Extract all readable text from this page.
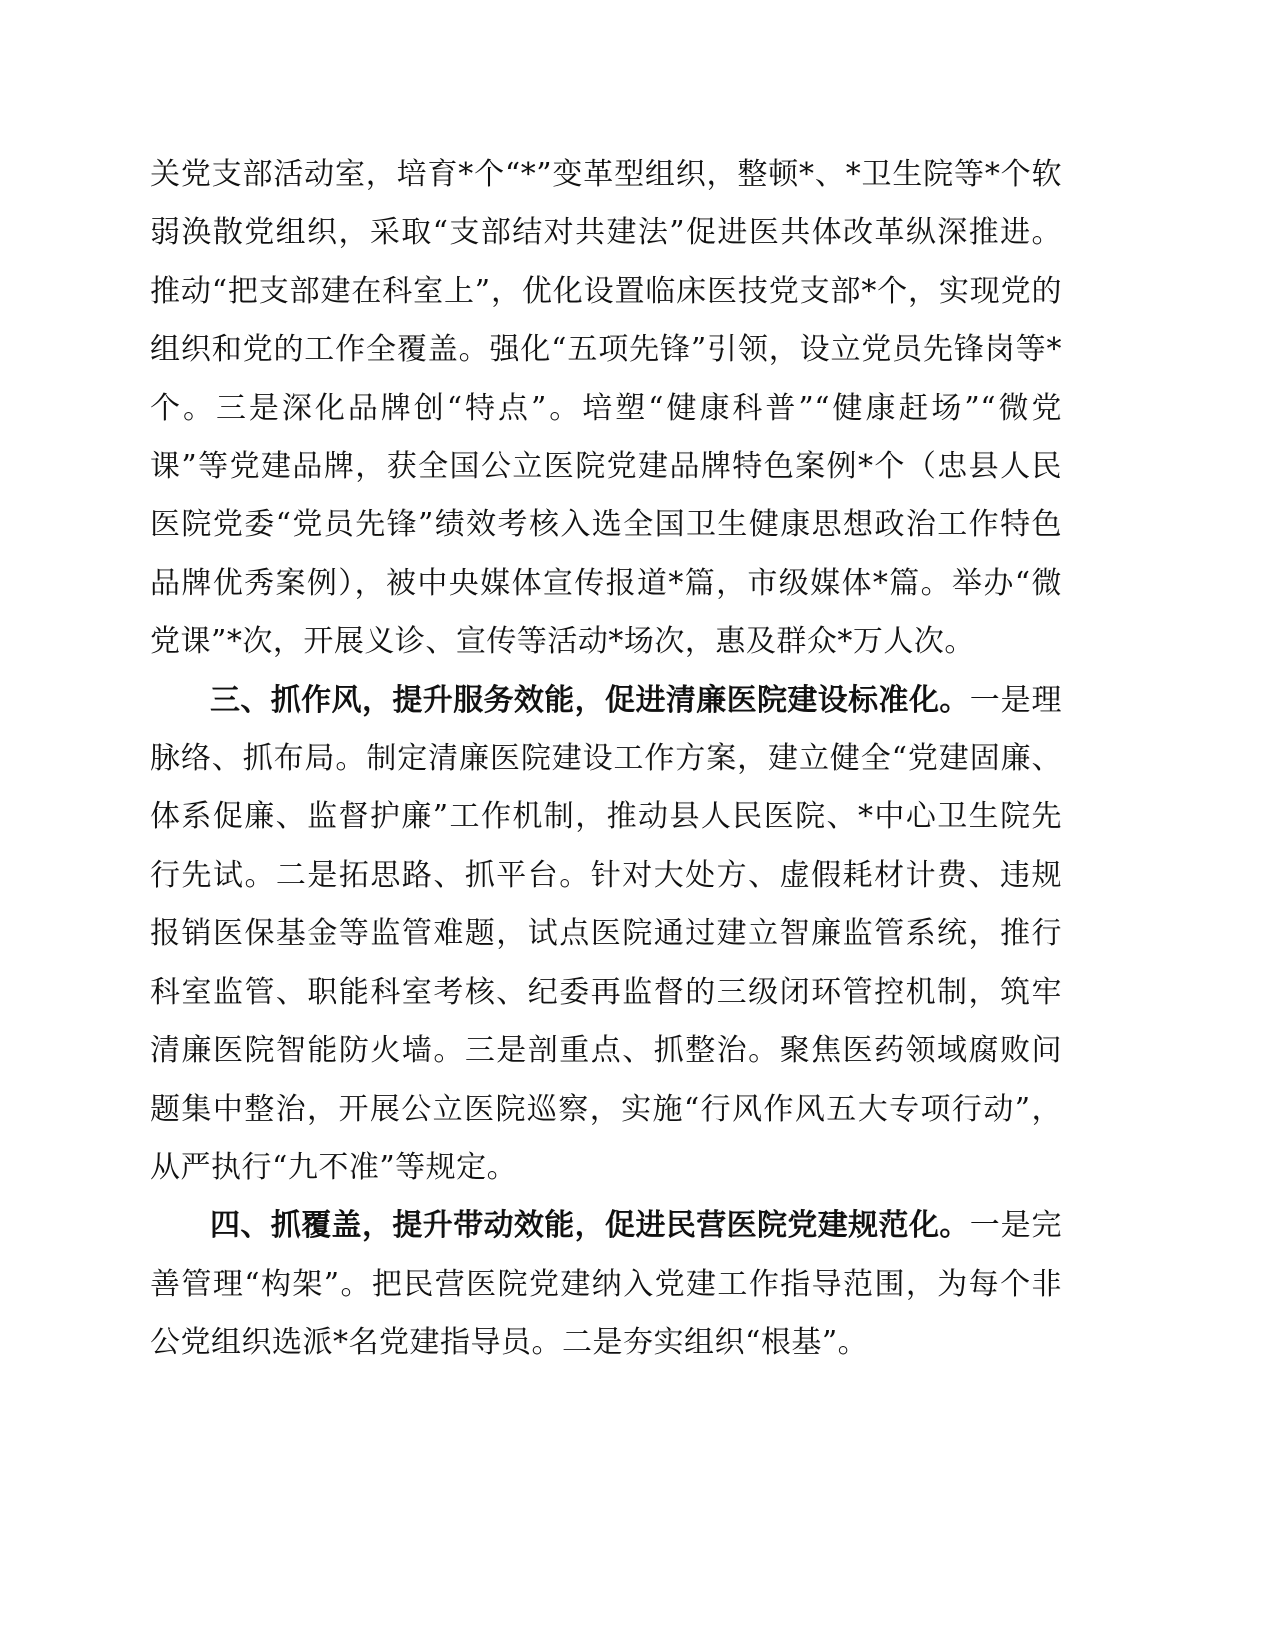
关党支部活动室，培育*个“*”变革型组织，整顿*、*卫生院等*个软弱涣散党组织，采取“支部结对共建法”促进医共体改革纵深推进。推动“把支部建在科室上”，优化设置临床医技党支部*个，实现党的组织和党的工作全覆盖。强化“五项先锋”引领，设立党员先锋岗等*个。三是深化品牌创“特点”。培塑“健康科普”“健康赶场”“微党课”等党建品牌，获全国公立医院党建品牌特色案例*个（忠县人民医院党委“党员先锋”绩效考核入选全国卫生健康思想政治工作特色品牌优秀案例），被中央媒体宣传报道*篇，市级媒体*篇。举办“微党课”*次，开展义诊、宣传等活动*场次，惠及群众*万人次。

三、抓作风，提升服务效能，促进清廉医院建设标准化。一是理脉络、抓布局。制定清廉医院建设工作方案，建立健全“党建固廉、体系促廉、监督护廉”工作机制，推动县人民医院、*中心卫生院先行先试。二是拓思路、抓平台。针对大处方、虚假耗材计费、违规报销医保基金等监管难题，试点医院通过建立智廉监管系统，推行科室监管、职能科室考核、纪委再监督的三级闭环管控机制，筑牢清廉医院智能防火墙。三是剖重点、抓整治。聚焦医药领域腐败问题集中整治，开展公立医院巡察，实施“行风作风五大专项行动”，从严执行“九不准”等规定。

四、抓覆盖，提升带动效能，促进民营医院党建规范化。一是完善管理“构架”。把民营医院党建纳入党建工作指导范围，为每个非公党组织选派*名党建指导员。二是夯实组织“根基”。
